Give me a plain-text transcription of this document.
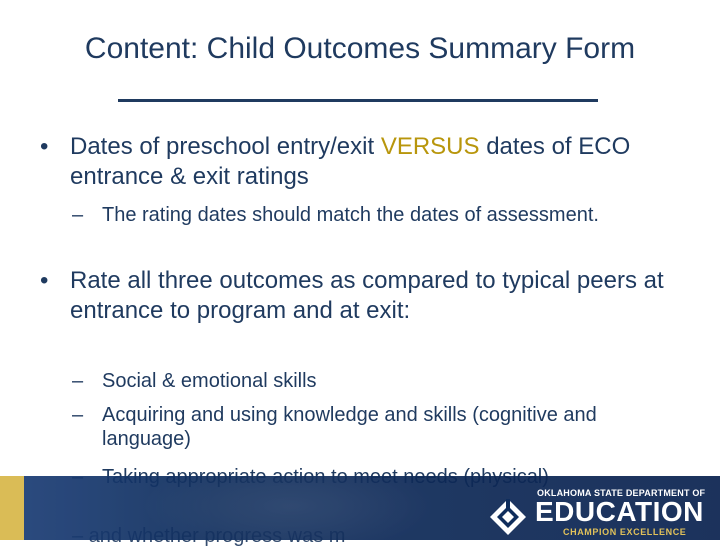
Content: Child Outcomes Summary Form
• Dates of preschool entry/exit VERSUS dates of ECO entrance & exit ratings
– The rating dates should match the dates of assessment.
• Rate all three outcomes as compared to typical peers at entrance to program and at exit:
– Social & emotional skills
– Acquiring and using knowledge and skills (cognitive and language)
OKLAHOMA STATE DEPARTMENT OF
EDUCATION
CHAMPION EXCELLENCE
